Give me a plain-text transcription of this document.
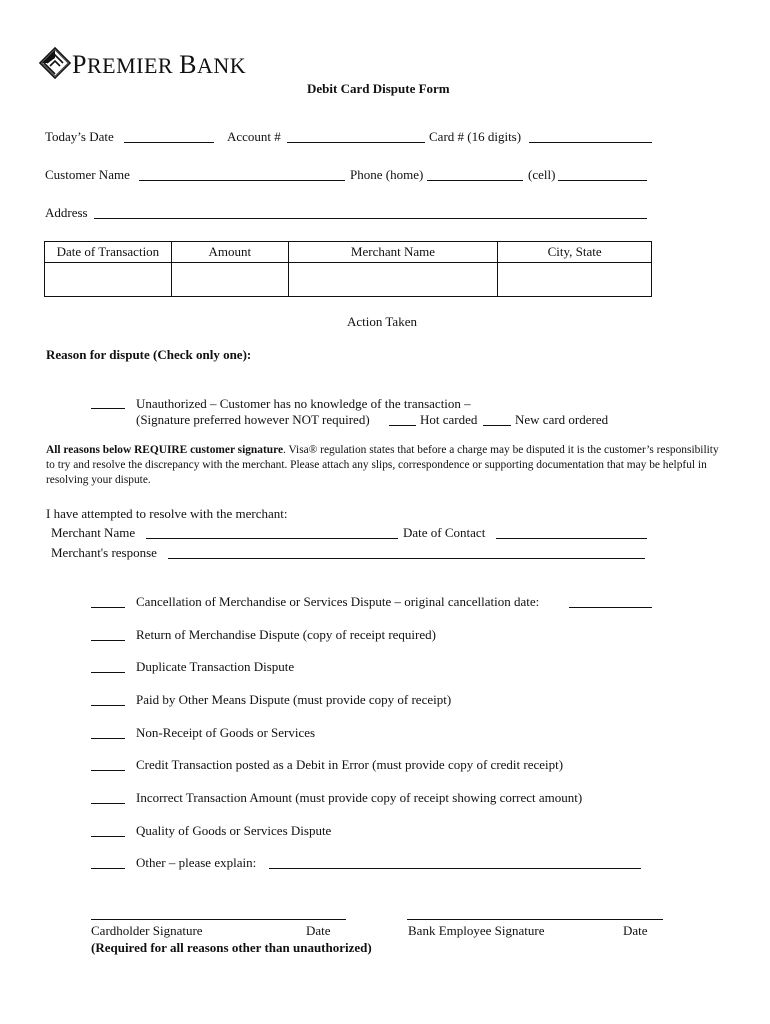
PREMIER BANK
Debit Card Dispute Form
Today’s Date	Account #	Card # (16 digits)
Customer Name	Phone (home)	(cell)
Address
Date of Transaction	Amount	Merchant Name	City, State

Action Taken
Reason for dispute (Check only one):
Unauthorized – Customer has no knowledge of the transaction –
(Signature preferred however NOT required)	Hot carded	New card ordered
All reasons below REQUIRE customer signature. Visa® regulation states that before a charge may be disputed it is the customer’s responsibility to try and resolve the discrepancy with the merchant. Please attach any slips, correspondence or supporting documentation that may be helpful in resolving your dispute.
I have attempted to resolve with the merchant:
Merchant Name	Date of Contact
Merchant's response
Cancellation of Merchandise or Services Dispute – original cancellation date:
Return of Merchandise Dispute (copy of receipt required)
Duplicate Transaction Dispute
Paid by Other Means Dispute (must provide copy of receipt)
Non-Receipt of Goods or Services
Credit Transaction posted as a Debit in Error (must provide copy of credit receipt)
Incorrect Transaction Amount (must provide copy of receipt showing correct amount)
Quality of Goods or Services Dispute
Other – please explain:
Cardholder Signature	Date
(Required for all reasons other than unauthorized)
Bank Employee Signature	Date
